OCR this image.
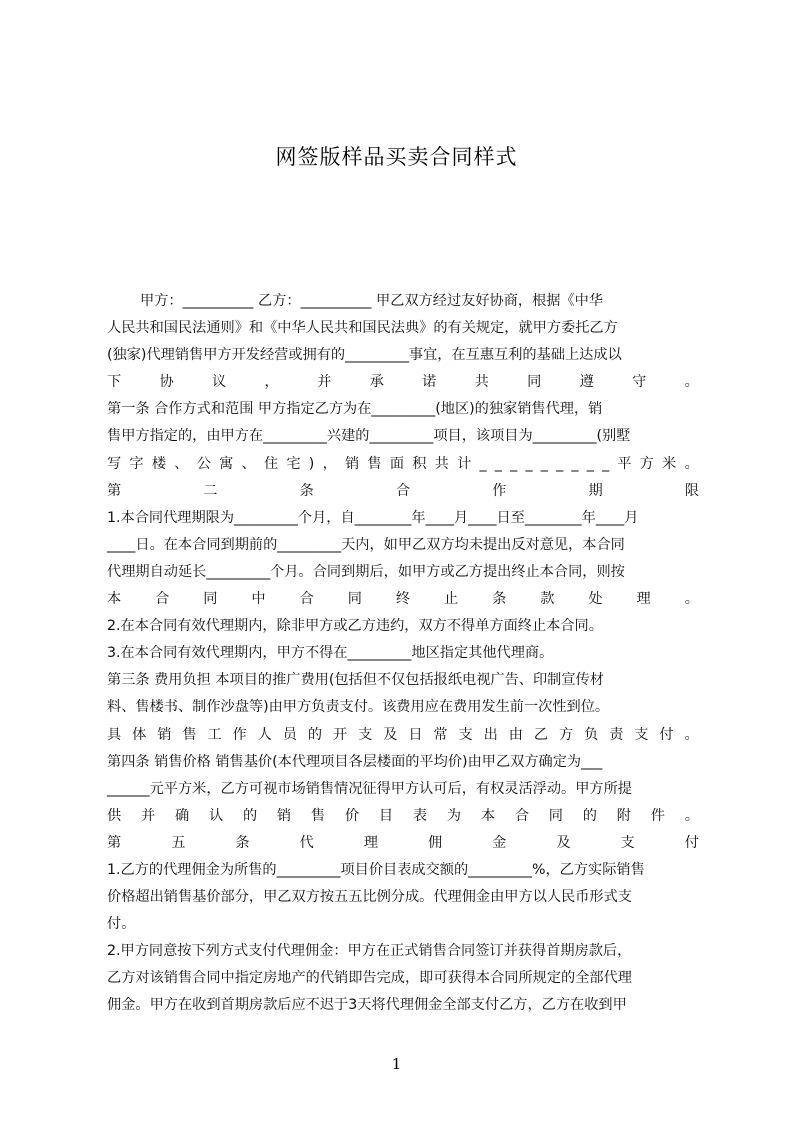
网签版样品买卖合同样式
甲方：__________ 乙方：__________ 甲乙双方经过友好协商，根据《中华
人民共和国民法通则》和《中华人民共和国民法典》的有关规定，就甲方委托乙方
(独家)代理销售甲方开发经营或拥有的_________事宜，在互惠互利的基础上达成以
下	协	议	，	并	承	诺	共	同	遵	守	。
第一条 合作方式和范围 甲方指定乙方为在_________(地区)的独家销售代理，销
售甲方指定的，由甲方在_________兴建的_________项目，该项目为_________(别墅
写 字 楼 、 公 寓 、 住 宅 ) ， 销 售 面 积 共 计 _ _ _ _ _ _ _ _ _ 平 方 米 。
第	二	条	合	作	期	限
1.本合同代理期限为_________个月，自________年____月____日至________年____月
____日。在本合同到期前的_________天内，如甲乙双方均未提出反对意见，本合同
代理期自动延长_________个月。合同到期后，如甲方或乙方提出终止本合同，则按
本 合 同 中 合 同 终 止 条 款 处 理 。
2.在本合同有效代理期内，除非甲方或乙方违约，双方不得单方面终止本合同。
3.在本合同有效代理期内，甲方不得在_________地区指定其他代理商。
第三条 费用负担 本项目的推广费用(包括但不仅包括报纸电视广告、印制宣传材
料、售楼书、制作沙盘等)由甲方负责支付。该费用应在费用发生前一次性到位。
具 体 销 售 工 作 人 员 的 开 支 及 日 常 支 出 由 乙 方 负 责 支 付 。
第四条 销售价格 销售基价(本代理项目各层楼面的平均价)由甲乙双方确定为___
______元平方米，乙方可视市场销售情况征得甲方认可后，有权灵活浮动。甲方所提
供 并 确 认 的 销 售 价 目 表 为 本 合 同 的 附 件 。
第	五	条	代	理	佣	金	及	支	付
1.乙方的代理佣金为所售的_________项目价目表成交额的_________%，乙方实际销售
价格超出销售基价部分，甲乙双方按五五比例分成。代理佣金由甲方以人民币形式支
付。
2.甲方同意按下列方式支付代理佣金：甲方在正式销售合同签订并获得首期房款后，
乙方对该销售合同中指定房地产的代销即告完成，即可获得本合同所规定的全部代理
佣金。甲方在收到首期房款后应不迟于3天将代理佣金全部支付乙方，乙方在收到甲
1
